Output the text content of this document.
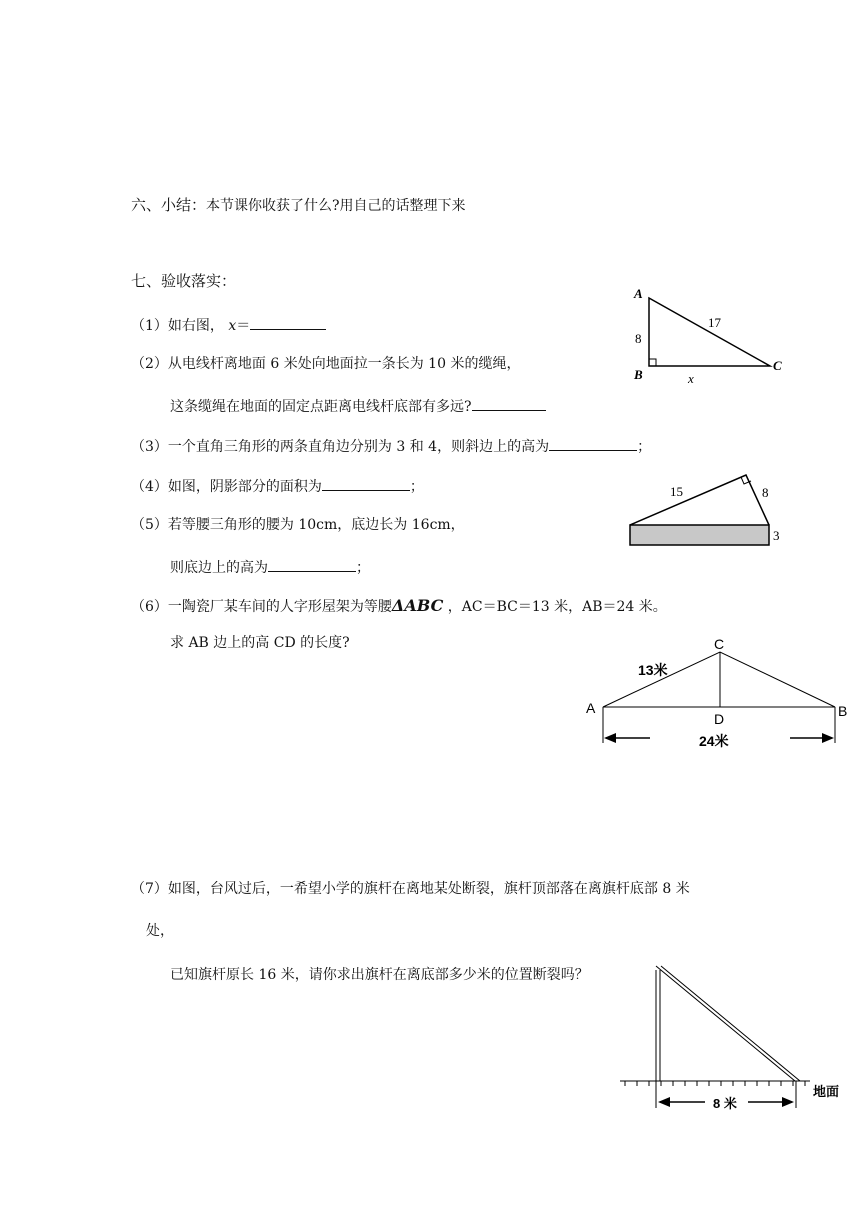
六、小结：本节课你收获了什么?用自己的话整理下来
七、验收落实：
（1）如右图， x＝
（2）从电线杆离地面 6 米处向地面拉一条长为 10 米的缆绳，
这条缆绳在地面的固定点距离电线杆底部有多远?
（3）一个直角三角形的两条直角边分别为 3 和 4，则斜边上的高为	；
（4）如图，阴影部分的面积为	；
（5）若等腰三角形的腰为 10cm，底边长为 16cm，
则底边上的高为	；
（6）一陶瓷厂某车间的人字形屋架为等腰ΔABC ，AC＝BC＝13 米，AB＝24 米。
求 AB 边上的高 CD 的长度?
（7）如图，台风过后，一希望小学的旗杆在离地某处断裂，旗杆顶部落在离旗杆底部 8 米
处，
已知旗杆原长 16 米，请你求出旗杆在离底部多少米的位置断裂吗？
A
B
C
8
17
x
15	8
3
A	B
C
D
13米
24米
地面
8 米
